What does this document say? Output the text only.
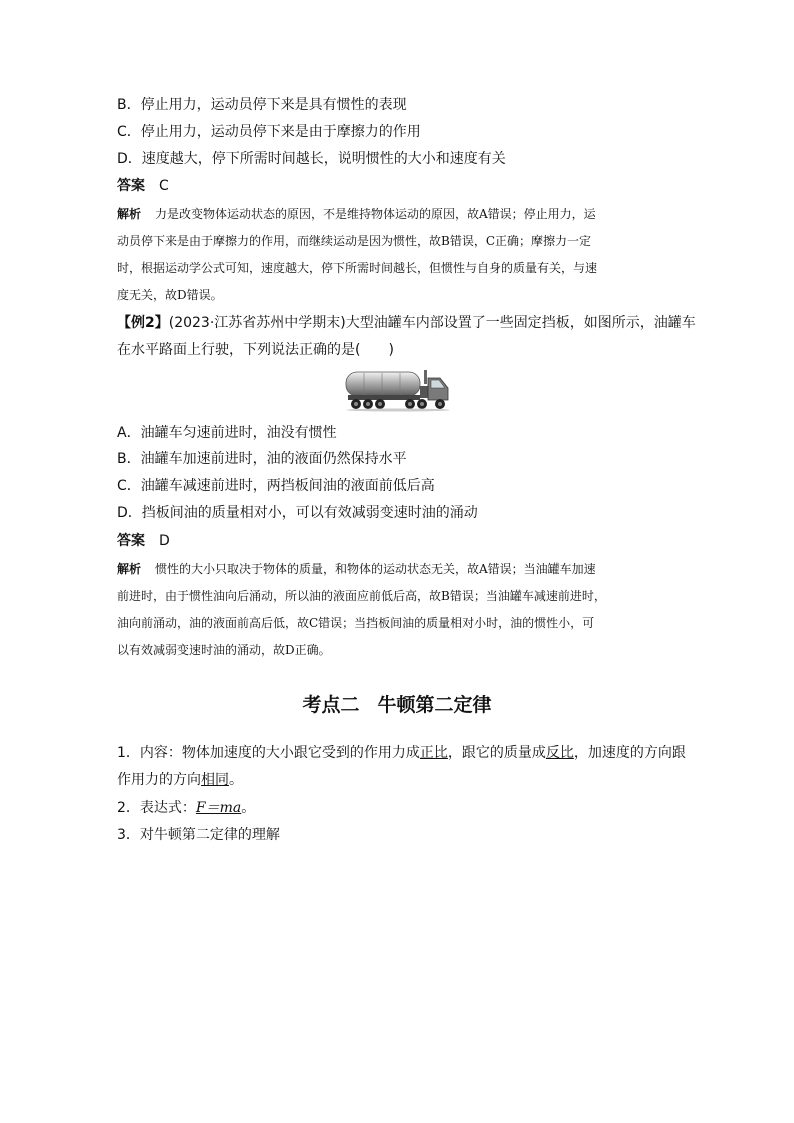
B．停止用力，运动员停下来是具有惯性的表现
C．停止用力，运动员停下来是由于摩擦力的作用
D．速度越大，停下所需时间越长，说明惯性的大小和速度有关
答案 C
解析 力是改变物体运动状态的原因，不是维持物体运动的原因，故A错误；停止用力，运
动员停下来是由于摩擦力的作用，而继续运动是因为惯性，故B错误，C正确；摩擦力一定
时，根据运动学公式可知，速度越大，停下所需时间越长，但惯性与自身的质量有关，与速
度无关，故D错误。
【例2】(2023·江苏省苏州中学期末)大型油罐车内部设置了一些固定挡板，如图所示，油罐车
在水平路面上行驶，下列说法正确的是(　　)
A．油罐车匀速前进时，油没有惯性
B．油罐车加速前进时，油的液面仍然保持水平
C．油罐车减速前进时，两挡板间油的液面前低后高
D．挡板间油的质量相对小，可以有效减弱变速时油的涌动
答案 D
解析 惯性的大小只取决于物体的质量，和物体的运动状态无关，故A错误；当油罐车加速
前进时，由于惯性油向后涌动，所以油的液面应前低后高，故B错误；当油罐车减速前进时，
油向前涌动，油的液面前高后低，故C错误；当挡板间油的质量相对小时，油的惯性小，可
以有效减弱变速时油的涌动，故D正确。
考点二 牛顿第二定律
1．内容：物体加速度的大小跟它受到的作用力成正比，跟它的质量成反比，加速度的方向跟
作用力的方向相同。
2．表达式：F＝ma。
3．对牛顿第二定律的理解
